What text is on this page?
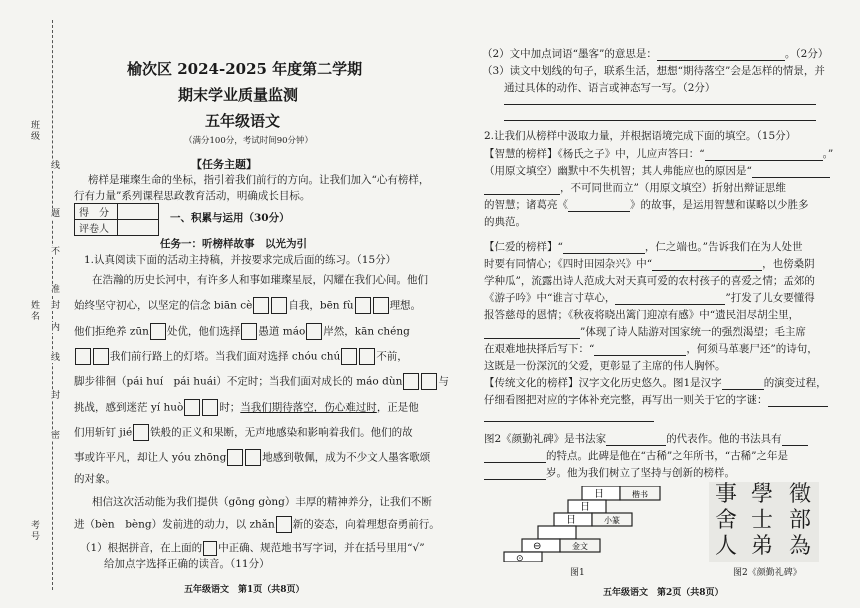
线
题
不
准
内
封
线
封
密
班级
姓名
考号
榆次区 2024-2025 年度第二学期
期末学业质量监测
五年级语文
（满分100分，考试时间90分钟）
【任务主题】
榜样是璀璨生命的坐标，指引着我们前行的方向。让我们加入“心有榜样，
行有力量”系列课程思政教育活动，明确成长目标。
得　分	
评卷人	
一、积累与运用（30分）
任务一：听榜样故事　以光为引
1.认真阅读下面的活动主持稿，并按要求完成后面的练习。（15分）
在浩瀚的历史长河中，有许多人和事如璀璨星辰，闪耀在我们心间。他们
始终坚守初心，以坚定的信念 biān cè	自我，bēn fù	理想。
他们拒绝养 zūn 处优，他们选择 愚道 máo 岸然，kān chéng
我们前行路上的灯塔。当我们面对选择 chóu chú	不前，
脚步徘徊（pái huí　pái huái）不定时；当我们面对成长的 máo dùn	与
挑战，感到迷茫 yí huò	时；当我们期待落空，伤心难过时，正是他
们用斩钉 jié 铁般的正义和果断，无声地感染和影响着我们。他们的故
事或许平凡，却让人 yóu zhōng	地感到敬佩，成为不少文人墨客歌颂
的对象。
相信这次活动能为我们提供（gōng gòng）丰厚的精神养分，让我们不断
进（bèn　bèng）发前进的动力，以 zhǎn 新的姿态，向着理想奋勇前行。
（1）根据拼音，在上面的 中正确、规范地书写字词，并在括号里用“√”
给加点字选择正确的读音。（11分）
五年级语文　第1页（共8页）
（2）文中加点词语“墨客”的意思是：	。（2分）
（3）读文中划线的句子，联系生活，想想“期待落空”会是怎样的情景，并
通过具体的动作、语言或神态写一写。（2分）
2.让我们从榜样中汲取力量，并根据语境完成下面的填空。（15分）
【智慧的榜样】《杨氏之子》中，儿应声答曰：“	。”
（用原文填空）幽默中不失机智；其人弗能应也的原因是“
，不可同世而立”（用原文填空）折射出辩证思维
的智慧；诸葛亮《	》的故事，是运用智慧和谋略以少胜多
的典范。
【仁爱的榜样】“	，仁之端也。”告诉我们在为人处世
时要有同情心；《四时田园杂兴》中“	，也傍桑阴
学种瓜”，流露出诗人范成大对天真可爱的农村孩子的喜爱之情；孟郊的
《游子吟》中“谁言寸草心，	”打发了儿女要懂得
报答慈母的恩情；《秋夜将晓出篱门迎凉有感》中“遗民泪尽胡尘里，
”体现了诗人陆游对国家统一的强烈渴望；毛主席
在艰难地抉择后写下：“	，何须马革裹尸还”的诗句，
这既是一份深沉的父爱，更彰显了主席的伟人胸怀。
【传统文化的榜样】汉字文化历史悠久。图1是汉字	的演变过程，
仔细看图把对应的字体补充完整，再写出一则关于它的字谜：
图2《颜勤礼碑》是书法家	的代表作。他的书法具有
的特点。此碑是他在“古稀”之年所书，“古稀”之年是
岁。他为我们树立了坚持与创新的榜样。
楷书
小篆
金文
日
日
日
⊖
⊙
图1
徵
部
為
學
士
弟
事
舍
人
图2《颜勤礼碑》
五年级语文　第2页（共8页）
